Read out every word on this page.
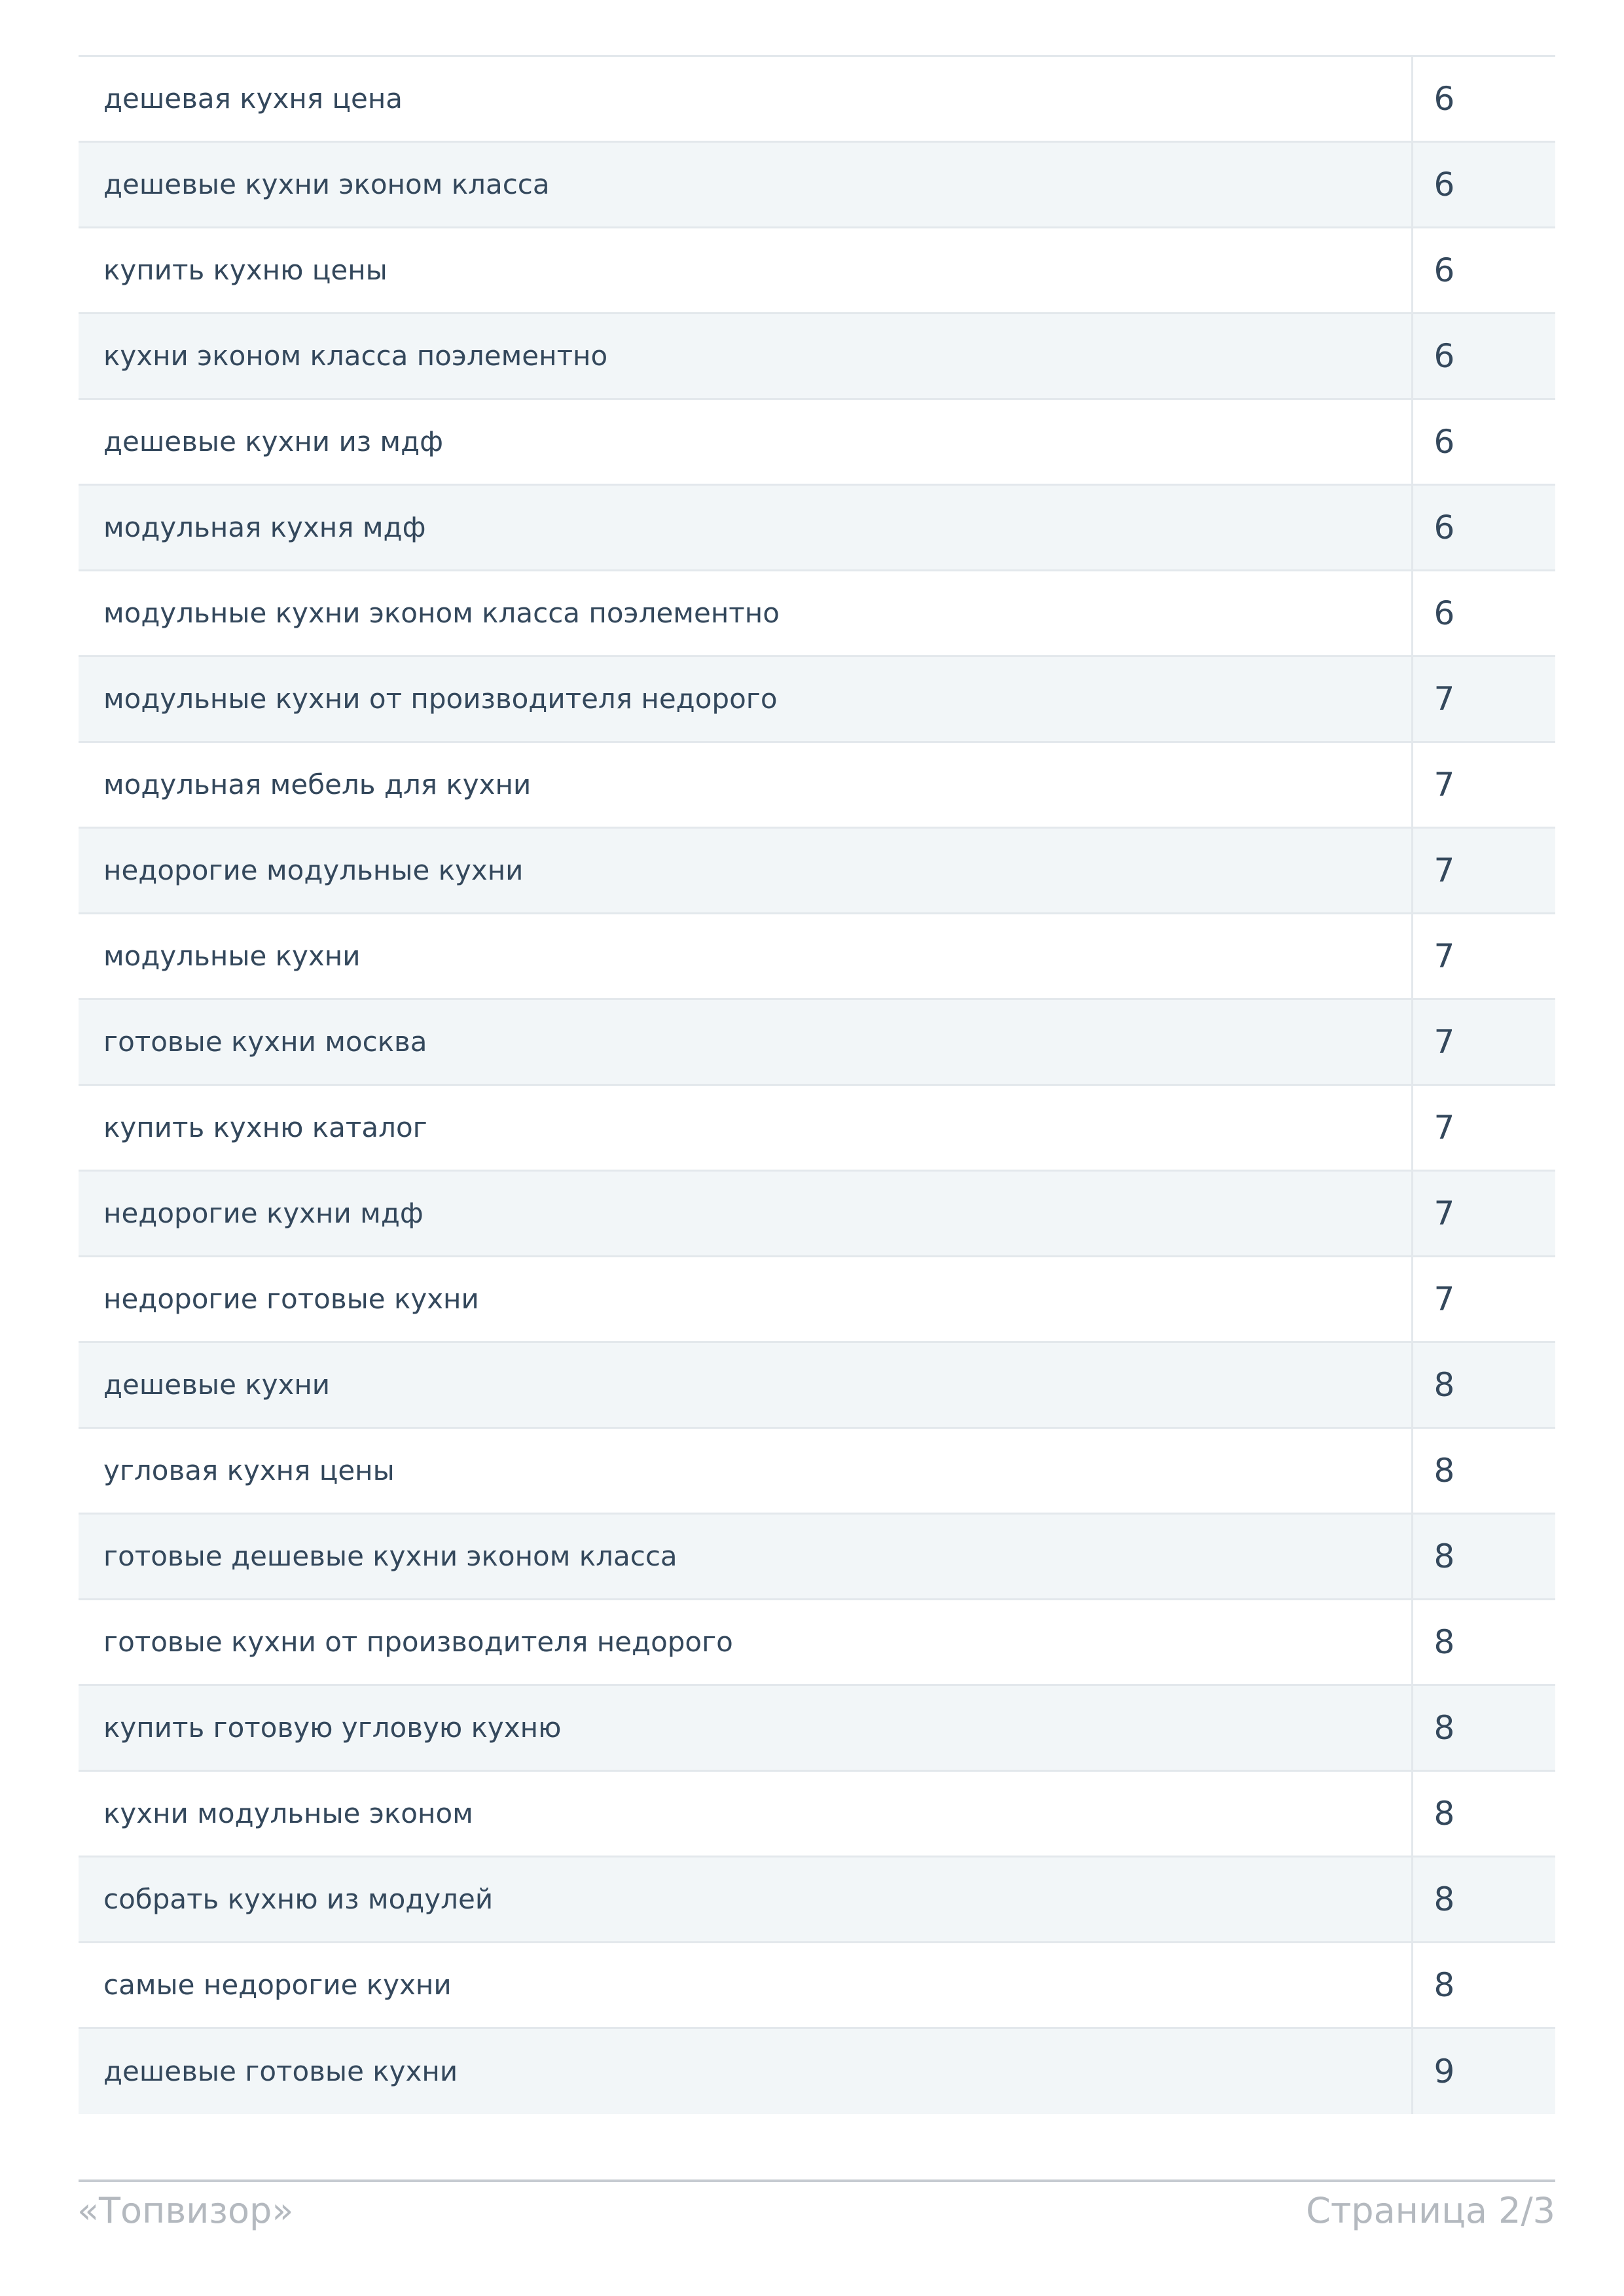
дешевая кухня цена	6
дешевые кухни эконом класса	6
купить кухню цены	6
кухни эконом класса поэлементно	6
дешевые кухни из мдф	6
модульная кухня мдф	6
модульные кухни эконом класса поэлементно	6
модульные кухни от производителя недорого	7
модульная мебель для кухни	7
недорогие модульные кухни	7
модульные кухни	7
готовые кухни москва	7
купить кухню каталог	7
недорогие кухни мдф	7
недорогие готовые кухни	7
дешевые кухни	8
угловая кухня цены	8
готовые дешевые кухни эконом класса	8
готовые кухни от производителя недорого	8
купить готовую угловую кухню	8
кухни модульные эконом	8
собрать кухню из модулей	8
самые недорогие кухни	8
дешевые готовые кухни	9
«Топвизор»	Страница 2/3
